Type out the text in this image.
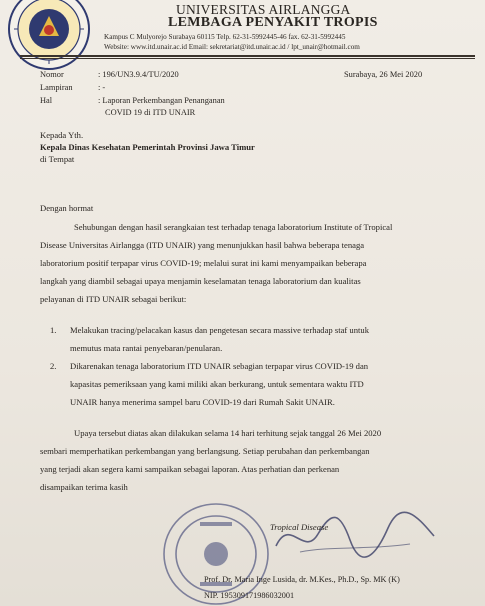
UNIVERSITAS AIRLANGGA
LEMBAGA PENYAKIT TROPIS
Kampus C Mulyorejo Surabaya 60115 Telp. 62-31-5992445-46 fax. 62-31-5992445
Website: www.itd.unair.ac.id Email: sekretariat@itd.unair.ac.id / lpt_unair@hotmail.com
Nomor	: 196/UN3.9.4/TU/2020
Lampiran	: -
Hal	: Laporan Perkembangan Penanganan
COVID 19 di ITD UNAIR
Surabaya, 26 Mei 2020
Kepada Yth.
Kepala Dinas Kesehatan Pemerintah Provinsi Jawa Timur
di Tempat
Dengan hormat
Sehubungan dengan hasil serangkaian test terhadap tenaga laboratorium Institute of Tropical
Disease Universitas Airlangga (ITD UNAIR) yang menunjukkan hasil bahwa beberapa tenaga
laboratorium positif terpapar virus COVID-19; melalui surat ini kami menyampaikan beberapa
langkah yang diambil sebagai upaya menjamin keselamatan tenaga laboratorium dan kualitas
pelayanan di ITD UNAIR sebagai berikut:
1. Melakukan tracing/pelacakan kasus dan pengetesan secara massive terhadap staf untuk
memutus mata rantai penyebaran/penularan.
2. Dikarenakan tenaga laboratorium ITD UNAIR sebagian terpapar virus COVID-19 dan
kapasitas pemeriksaan yang kami miliki akan berkurang, untuk sementara waktu ITD
UNAIR hanya menerima sampel baru COVID-19 dari Rumah Sakit UNAIR.
Upaya tersebut diatas akan dilakukan selama 14 hari terhitung sejak tanggal 26 Mei 2020
sembari memperhatikan perkembangan yang berlangsung. Setiap perubahan dan perkembangan
yang terjadi akan segera kami sampaikan sebagai laporan. Atas perhatian dan perkenan
disampaikan terima kasih
Tropical Disease
Prof. Dr. Maria Inge Lusida, dr. M.Kes., Ph.D., Sp. MK (K)
NIP. 195309171986032001
